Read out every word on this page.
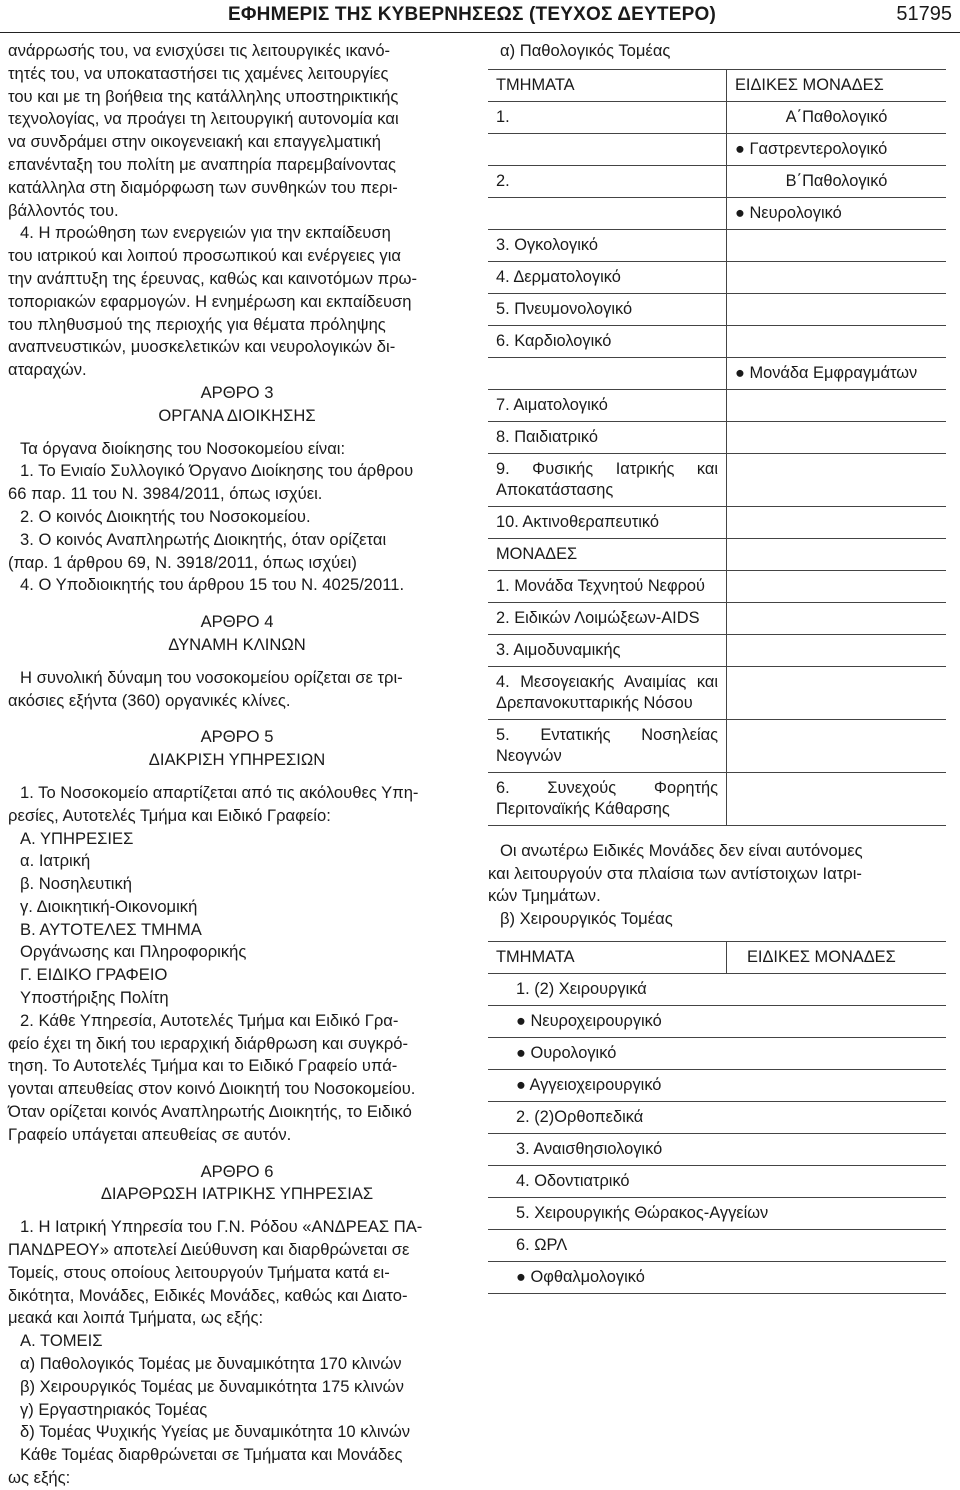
ΕΦΗΜΕΡΙΣ ΤΗΣ ΚΥΒΕΡΝΗΣΕΩΣ (ΤΕΥΧΟΣ ΔΕΥΤΕΡΟ)	51795

ανάρρωσής του, να ενισχύσει τις λειτουργικές ικανό-

τητές του, να υποκαταστήσει τις χαμένες λειτουργίες

του και με τη βοήθεια της κατάλληλης υποστηρικτικής

τεχνολογίας, να προάγει τη λειτουργική αυτονομία και

να συνδράμει στην οικογενειακή και επαγγελματική

επανένταξη του πολίτη με αναπηρία παρεμβαίνοντας

κατάλληλα στη διαμόρφωση των συνθηκών του περι-

βάλλοντός του.

4. Η προώθηση των ενεργειών για την εκπαίδευση

του ιατρικού και λοιπού προσωπικού και ενέργειες για

την ανάπτυξη της έρευνας, καθώς και καινοτόμων πρω-

τοποριακών εφαρμογών. Η ενημέρωση και εκπαίδευση

του πληθυσμού της περιοχής για θέματα πρόληψης

αναπνευστικών, μυοσκελετικών και νευρολογικών δι-

αταραχών.

ΑΡΘΡΟ 3

ΟΡΓΑΝΑ ΔΙΟΙΚΗΣΗΣ

Τα όργανα διοίκησης του Νοσοκομείου είναι:

1. Το Ενιαίο Συλλογικό Όργανο Διοίκησης του άρθρου

66 παρ. 11 του Ν. 3984/2011, όπως ισχύει.

2. Ο κοινός Διοικητής του Νοσοκομείου.

3. Ο κοινός Αναπληρωτής Διοικητής, όταν ορίζεται

(παρ. 1 άρθρου 69, Ν. 3918/2011, όπως ισχύει)

4. Ο Υποδιοικητής του άρθρου 15 του Ν. 4025/2011.

ΑΡΘΡΟ 4

ΔΥΝΑΜΗ ΚΛΙΝΩΝ

Η συνολική δύναμη του νοσοκομείου ορίζεται σε τρι-

ακόσιες εξήντα (360) οργανικές κλίνες.

ΑΡΘΡΟ 5

ΔΙΑΚΡΙΣΗ ΥΠΗΡΕΣΙΩΝ

1. Το Νοσοκομείο απαρτίζεται από τις ακόλουθες Υπη-

ρεσίες, Αυτοτελές Τμήμα και Ειδικό Γραφείο:

Α. ΥΠΗΡΕΣΙΕΣ

α. Ιατρική

β. Νοσηλευτική

γ. Διοικητική-Οικονομική

Β. ΑΥΤΟΤΕΛΕΣ ΤΜΗΜΑ

Οργάνωσης και Πληροφορικής

Γ. ΕΙΔΙΚΟ ΓΡΑΦΕΙΟ

Υποστήριξης Πολίτη

2. Κάθε Υπηρεσία, Αυτοτελές Τμήμα και Ειδικό Γρα-

φείο έχει τη δική του ιεραρχική διάρθρωση και συγκρό-

τηση. Το Αυτοτελές Τμήμα και το Ειδικό Γραφείο υπά-

γονται απευθείας στον κοινό Διοικητή του Νοσοκομείου.

Όταν ορίζεται κοινός Αναπληρωτής Διοικητής, το Ειδικό

Γραφείο υπάγεται απευθείας σε αυτόν.

ΑΡΘΡΟ 6

ΔΙΑΡΘΡΩΣΗ ΙΑΤΡΙΚΗΣ ΥΠΗΡΕΣΙΑΣ

1. Η Ιατρική Υπηρεσία του Γ.Ν. Ρόδου «ΑΝΔΡΕΑΣ ΠΑ-

ΠΑΝΔΡΕΟΥ» αποτελεί Διεύθυνση και διαρθρώνεται σε

Τομείς, στους οποίους λειτουργούν Τμήματα κατά ει-

δικότητα, Μονάδες, Ειδικές Μονάδες, καθώς και Διατο-

μεακά και λοιπά Τμήματα, ως εξής:

Α. ΤΟΜΕΙΣ

α) Παθολογικός Τομέας με δυναμικότητα 170 κλινών

β) Χειρουργικός Τομέας με δυναμικότητα 175 κλινών

γ) Εργαστηριακός Τομέας

δ) Τομέας Ψυχικής Υγείας με δυναμικότητα 10 κλινών

Κάθε Τομέας διαρθρώνεται σε Τμήματα και Μονάδες

ως εξής:

α) Παθολογικός Τομέας

ΤΜΗΜΑΤΑ	ΕΙΔΙΚΕΣ ΜΟΝΑΔΕΣ
1.	Α΄Παθολογικό
	● Γαστρεντερολογικό
2.	Β΄Παθολογικό
	● Νευρολογικό
3. Ογκολογικό	
4. Δερματολογικό	
5. Πνευμονολογικό	
6. Καρδιολογικό	
	● Μονάδα Εμφραγμάτων
7. Αιματολογικό	
8. Παιδιατρικό	
9. Φυσικής Ιατρικής και Αποκατάστασης	
10. Ακτινοθεραπευτικό	
ΜΟΝΑΔΕΣ	
1. Μονάδα Τεχνητού Νεφρού	
2. Ειδικών Λοιμώξεων-AIDS	
3. Αιμοδυναμικής	
4. Μεσογειακής Αναιμίας και Δρεπανοκυτταρικής Νόσου	
5. Εντατικής Νοσηλείας Νεογνών	
6. Συνεχούς Φορητής Περιτοναϊκής Κάθαρσης	

Οι ανωτέρω Ειδικές Μονάδες δεν είναι αυτόνομες

και λειτουργούν στα πλαίσια των αντίστοιχων Ιατρι-

κών Τμημάτων.

β) Χειρουργικός Τομέας

ΤΜΗΜΑΤΑ	ΕΙΔΙΚΕΣ ΜΟΝΑΔΕΣ
1. (2) Χειρουργικά
● Νευροχειρουργικό
● Ουρολογικό
● Αγγειοχειρουργικό
2. (2)Ορθοπεδικά
3. Αναισθησιολογικό
4. Οδοντιατρικό
5. Χειρουργικής Θώρακος-Αγγείων
6. ΩΡΛ
● Οφθαλμολογικό
